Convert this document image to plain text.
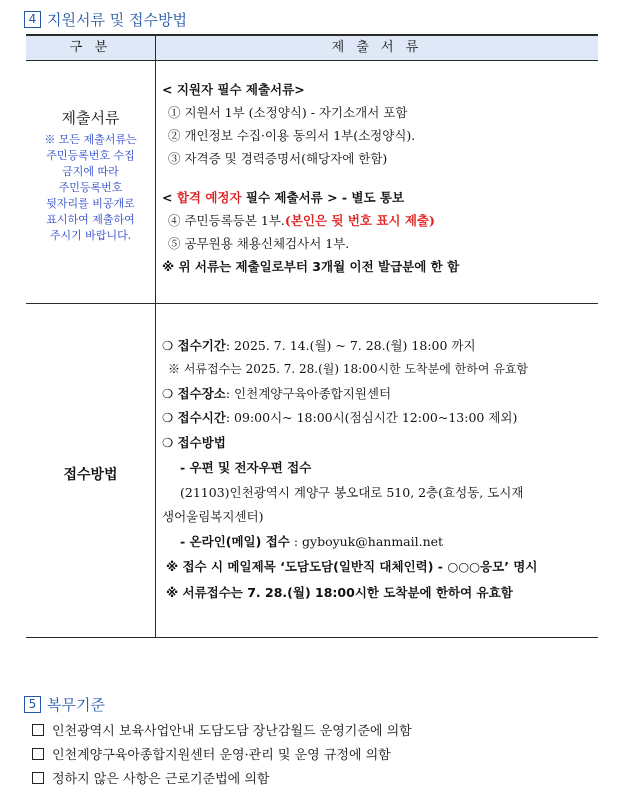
4 지원서류 및 접수방법
구 분	제 출 서 류
제출서류
※ 모든 제출서류는
주민등록번호 수집
금지에 따라
주민등록번호
뒷자리를 비공개로
표시하여 제출하여
주시기 바랍니다.
< 지원자 필수 제출서류>
① 지원서 1부 (소정양식) - 자기소개서 포함
② 개인정보 수집·이용 동의서 1부(소정양식).
③ 자격증 및 경력증명서(해당자에 한함)
< 합격 예정자 필수 제출서류 > - 별도 통보
④ 주민등록등본 1부.(본인은 뒷 번호 표시 제출)
⑤ 공무원용 채용신체검사서 1부.
※ 위 서류는 제출일로부터 3개월 이전 발급분에 한 함
접수방법
❍ 접수기간: 2025. 7. 14.(월) ~ 7. 28.(월) 18:00 까지
※ 서류접수는 2025. 7. 28.(월) 18:00시한 도착분에 한하여 유효함
❍ 접수장소: 인천계양구육아종합지원센터
❍ 접수시간: 09:00시~ 18:00시(점심시간 12:00~13:00 제외)
❍ 접수방법
- 우편 및 전자우편 접수
(21103)인천광역시 계양구 봉오대로 510, 2층(효성동, 도시재
생어울림복지센터)
- 온라인(메일) 접수 : gyboyuk@hanmail.net
※ 접수 시 메일제목 ‘도담도담(일반직 대체인력) - ○○○응모’ 명시
※ 서류접수는 7. 28.(월) 18:00시한 도착분에 한하여 유효함
5 복무기준
인천광역시 보육사업안내 도담도담 장난감월드 운영기준에 의함
인천계양구육아종합지원센터 운영·관리 및 운영 규정에 의함
정하지 않은 사항은 근로기준법에 의함
